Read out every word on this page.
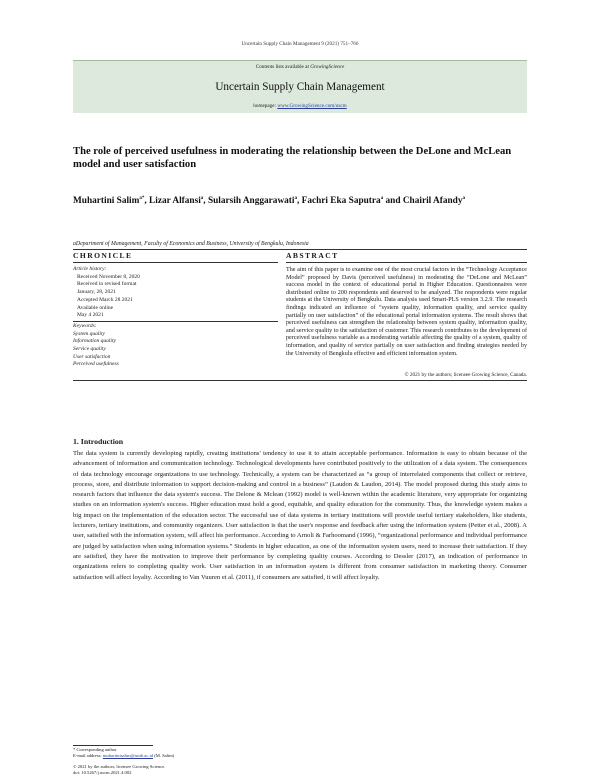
Uncertain Supply Chain Management 9 (2021) 751–766
Contents lists available at GrowingScience
Uncertain Supply Chain Management
homepage: www.GrowingScience.com/uscm
The role of perceived usefulness in moderating the relationship between the DeLone and McLean model and user satisfaction
Muhartini Salim$^{a*}$, Lizar Alfansi$^a$, Sularsih Anggarawati$^a$, Fachri Eka Saputra$^a$ and Chairil Afandy$^a$
aDepartment of Management, Faculty of Economics and Business, University of Bengkulu, Indonesia
CHRONICLE	ABSTRACT
Article history:
Received November 8, 2020
Received in revised format
January, 28, 2021
Accepted March 28 2021
Available online
May 4 2021
Keywords:
System quality
Information quality
Service quality
User satisfaction
Perceived usefulness
The aim of this paper is to examine one of the most crucial factors in the “Technology Acceptance Model” proposed by Davis (perceived usefulness) in moderating the “DeLone and McLean” success model in the context of educational portal in Higher Education. Questionnaires were distributed online to 200 respondents and deserved to be analyzed. The respondents were regular students at the University of Bengkulu. Data analysis used Smart-PLS version 3.2.9. The research findings indicated an influence of “system quality, information quality, and service quality partially on user satisfaction” of the educational portal information systems. The result shows that perceived usefulness can strengthen the relationship between system quality, information quality, and service quality to the satisfaction of customer. This research contributes to the development of perceived usefulness variable as a moderating variable affecting the quality of a system, quality of information, and quality of service partially on user satisfaction and finding strategies needed by the University of Bengkulu effective and efficient information system.
© 2021 by the authors; licensee Growing Science, Canada.
1. Introduction
The data system is currently developing rapidly, creating institutions' tendency to use it to attain acceptable performance. Information is easy to obtain because of the advancement of information and communication technology. Technological developments have contributed positively to the utilization of a data system. The consequences of data technology encourage organizations to use technology. Technically, a system can be characterized as “a group of interrelated components that collect or retrieve, process, store, and distribute information to support decision-making and control in a business” (Laudon & Laudon, 2014). The model proposed during this study aims to research factors that influence the data system's success. The Delone & Mclean (1992) model is well-known within the academic literature, very appropriate for organizing studies on an information system's success. Higher education must hold a good, equitable, and quality education for the community. Thus, the knowledge system makes a big impact on the implementation of the education sector. The successful use of data systems in tertiary institutions will provide useful tertiary stakeholders, like students, lecturers, tertiary institutions, and community organizers. User satisfaction is that the user's response and feedback after using the information system (Petter et al., 2008). A user, satisfied with the information system, will affect his performance. According to Arnoli & Farhoomand (1996), “organizational performance and individual performance are judged by satisfaction when using information systems.” Students in higher education, as one of the information system users, need to increase their satisfaction. If they are satisfied, they have the motivation to improve their performance by completing quality courses. According to Dessler (2017), an indication of performance in organizations refers to completing quality work. User satisfaction in an information system is different from consumer satisfaction in marketing theory. Consumer satisfaction will affect loyalty. According to Van Vuuren et al. (2011), if consumers are satisfied, it will affect loyalty.
* Corresponding author
E-mail address: muhartinisalim@unib.ac.id (M. Salim)
© 2021 by the authors; licensee Growing Science.
doi: 10.5267/j.uscm.2021.4.002
